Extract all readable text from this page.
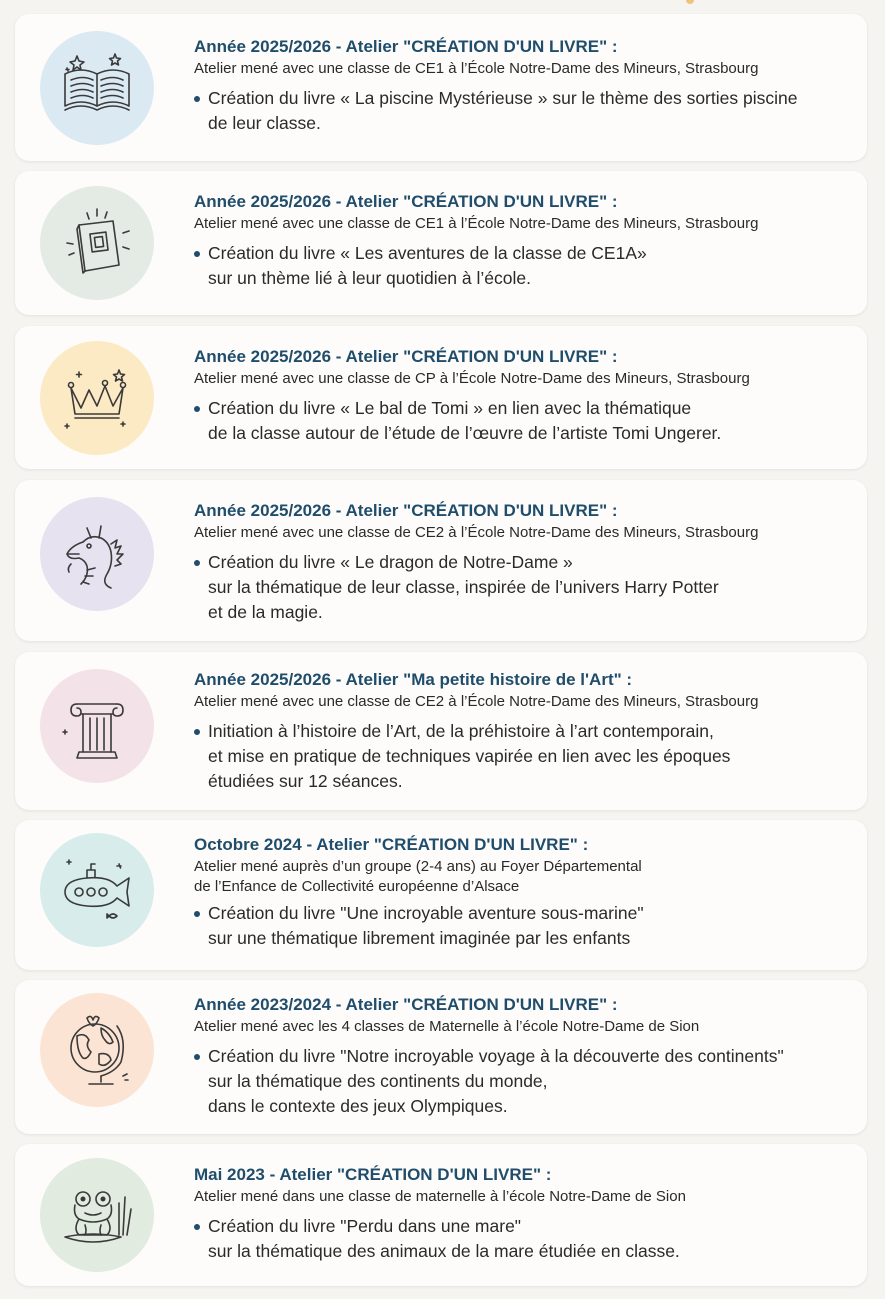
Année 2025/2026 - Atelier "CRÉATION D'UN LIVRE" :

Atelier mené avec une classe de CE1 à l’École Notre-Dame des Mineurs, Strasbourg

Création du livre « La piscine Mystérieuse » sur le thème des sorties piscine
de leur classe.

Année 2025/2026 - Atelier "CRÉATION D'UN LIVRE" :

Atelier mené avec une classe de CE1 à l’École Notre-Dame des Mineurs, Strasbourg

Création du livre « Les aventures de la classe de CE1A»
sur un thème lié à leur quotidien à l’école.

Année 2025/2026 - Atelier "CRÉATION D'UN LIVRE" :

Atelier mené avec une classe de CP à l’École Notre-Dame des Mineurs, Strasbourg

Création du livre « Le bal de Tomi » en lien avec la thématique
de la classe autour de l’étude de l’œuvre de l’artiste Tomi Ungerer.

Année 2025/2026 - Atelier "CRÉATION D'UN LIVRE" :

Atelier mené avec une classe de CE2 à l’École Notre-Dame des Mineurs, Strasbourg

Création du livre « Le dragon de Notre-Dame »
sur la thématique de leur classe, inspirée de l’univers Harry Potter
et de la magie.

Année 2025/2026 - Atelier "Ma petite histoire de l'Art" :

Atelier mené avec une classe de CE2 à l’École Notre-Dame des Mineurs, Strasbourg

Initiation à l’histoire de l’Art, de la préhistoire à l’art contemporain,
et mise en pratique de techniques vapirée en lien avec les époques
étudiées sur 12 séances.

Octobre 2024 - Atelier "CRÉATION D'UN LIVRE" :

Atelier mené auprès d’un groupe (2-4 ans) au Foyer Départemental

de l’Enfance de Collectivité européenne d’Alsace

Création du livre "Une incroyable aventure sous-marine"
sur une thématique librement imaginée par les enfants

Année 2023/2024 - Atelier "CRÉATION D'UN LIVRE" :

Atelier mené avec les 4 classes de Maternelle à l’école Notre-Dame de Sion

Création du livre "Notre incroyable voyage à la découverte des continents"
sur la thématique des continents du monde,
dans le contexte des jeux Olympiques.

Mai 2023 - Atelier "CRÉATION D'UN LIVRE" :

Atelier mené dans une classe de maternelle à l’école Notre-Dame de Sion

Création du livre "Perdu dans une mare"
sur la thématique des animaux de la mare étudiée en classe.
